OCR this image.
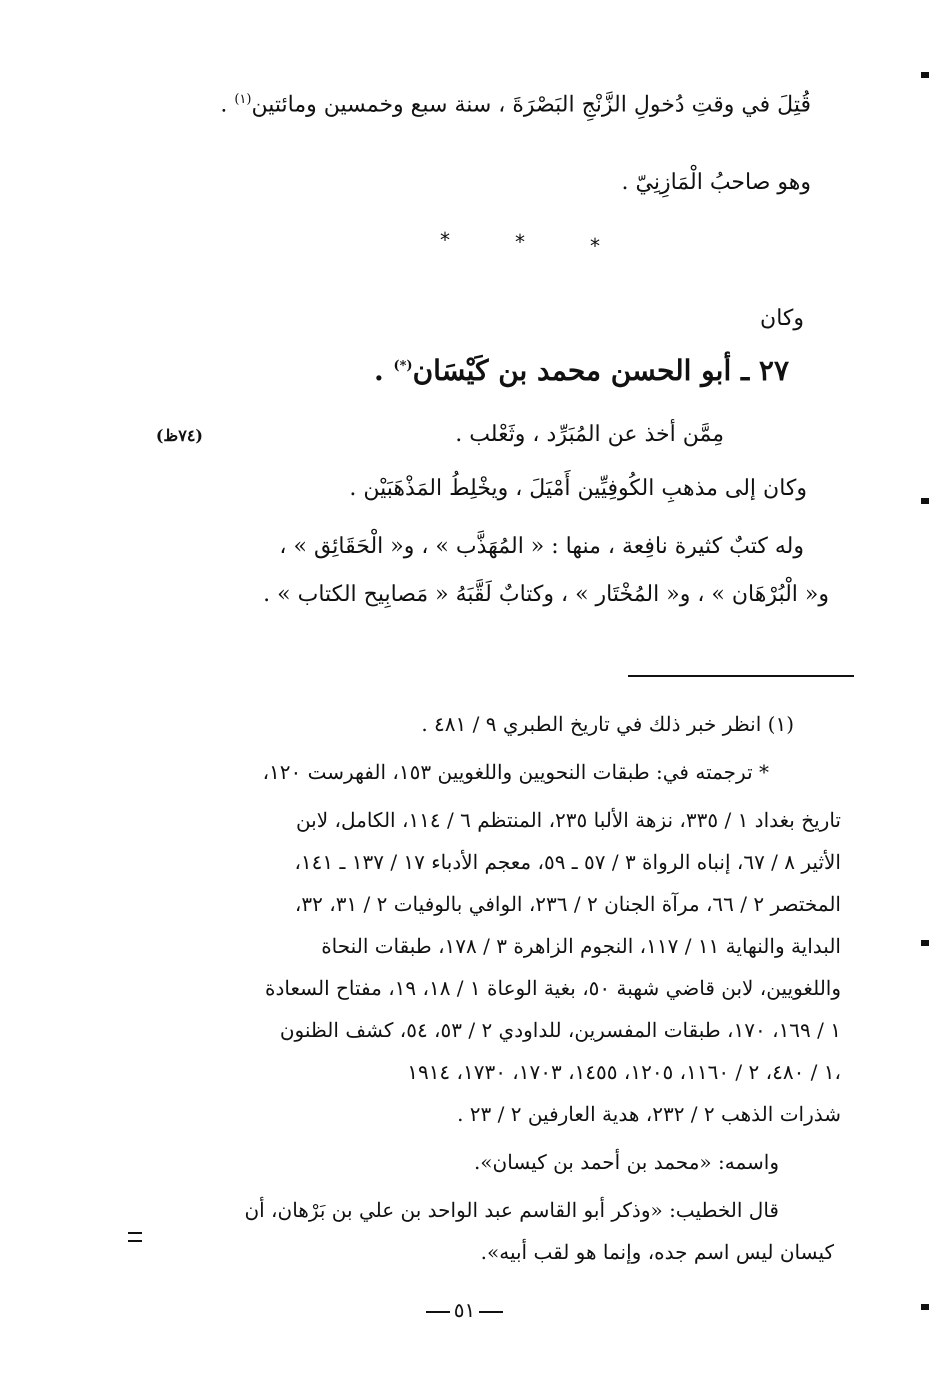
قُتِلَ في وقتِ دُخولِ الزَّنْجِ البَصْرَةَ ، سنة سبع وخمسين ومائتين$^{(١)}$ .
وهو صاحبُ الْمَازِنِيّ .
*	*	*
وكان
٢٧ ـ أبو الحسن محمد بن كَيْسَان(*) .
(٧٤ظ)	مِمَّن أخذ عن المُبَرِّد ، وثَعْلب .
وكان إلى مذهبِ الكُوفِيِّين أَمْيَلَ ، ويخْلِطُ المَذْهَبَيْن .
وله كتبٌ كثيرة نافِعة ، منها : « المُهَذَّب » ، و« الْحَقَائِق » ،
و« الْبُرْهَان » ، و« المُخْتَار » ، وكتابٌ لَقَّبَهُ « مَصابِيح الكتاب » .
(١) انظر خبر ذلك في تاريخ الطبري ٩ / ٤٨١ .
* ترجمته في: طبقات النحويين واللغويين ١٥٣، الفهرست ١٢٠،
تاريخ بغداد ١ / ٣٣٥، نزهة الألبا ٢٣٥، المنتظم ٦ / ١١٤، الكامل، لابن
الأثير ٨ / ٦٧، إنباه الرواة ٣ / ٥٧ ـ ٥٩، معجم الأدباء ١٧ / ١٣٧ ـ ١٤١،
المختصر ٢ / ٦٦، مرآة الجنان ٢ / ٢٣٦، الوافي بالوفيات ٢ / ٣١، ٣٢،
البداية والنهاية ١١ / ١١٧، النجوم الزاهرة ٣ / ١٧٨، طبقات النحاة
واللغويين، لابن قاضي شهبة ٥٠، بغية الوعاة ١ / ١٨، ١٩، مفتاح السعادة
١ / ١٦٩، ١٧٠، طبقات المفسرين، للداودي ٢ / ٥٣، ٥٤، كشف الظنون
١ / ٤٨٠، ٢ / ١١٦٠، ١٢٠٥، ١٤٥٥، ١٧٠٣، ١٧٣٠، ١٩١٤،
شذرات الذهب ٢ / ٢٣٢، هدية العارفين ٢ / ٢٣ .
واسمه: «محمد بن أحمد بن كيسان».
قال الخطيب: «وذكر أبو القاسم عبد الواحد بن علي بن بَرْهان، أن
كيسان ليس اسم جده، وإنما هو لقب أبيه».
٥١
